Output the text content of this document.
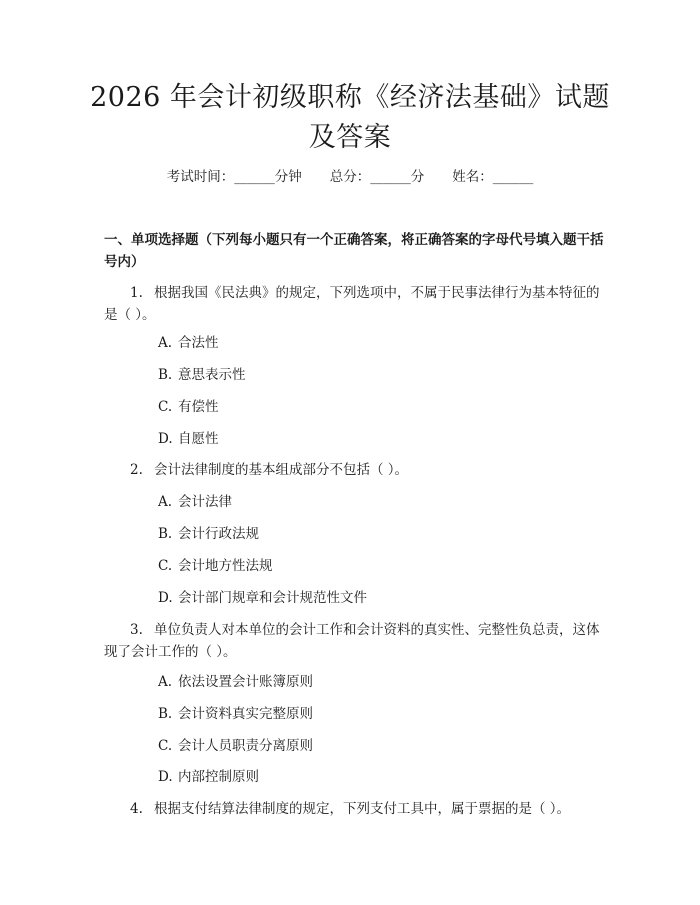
2026 年会计初级职称《经济法基础》试题及答案
考试时间：______分钟 总分：______分 姓名：______
一、单项选择题（下列每小题只有一个正确答案，将正确答案的字母代号填入题干括号内）
1. 根据我国《民法典》的规定，下列选项中，不属于民事法律行为基本特征的是（ ）。
A. 合法性
B. 意思表示性
C. 有偿性
D. 自愿性
2. 会计法律制度的基本组成部分不包括（ ）。
A. 会计法律
B. 会计行政法规
C. 会计地方性法规
D. 会计部门规章和会计规范性文件
3. 单位负责人对本单位的会计工作和会计资料的真实性、完整性负总责，这体现了会计工作的（ ）。
A. 依法设置会计账簿原则
B. 会计资料真实完整原则
C. 会计人员职责分离原则
D. 内部控制原则
4. 根据支付结算法律制度的规定，下列支付工具中，属于票据的是（ ）。
